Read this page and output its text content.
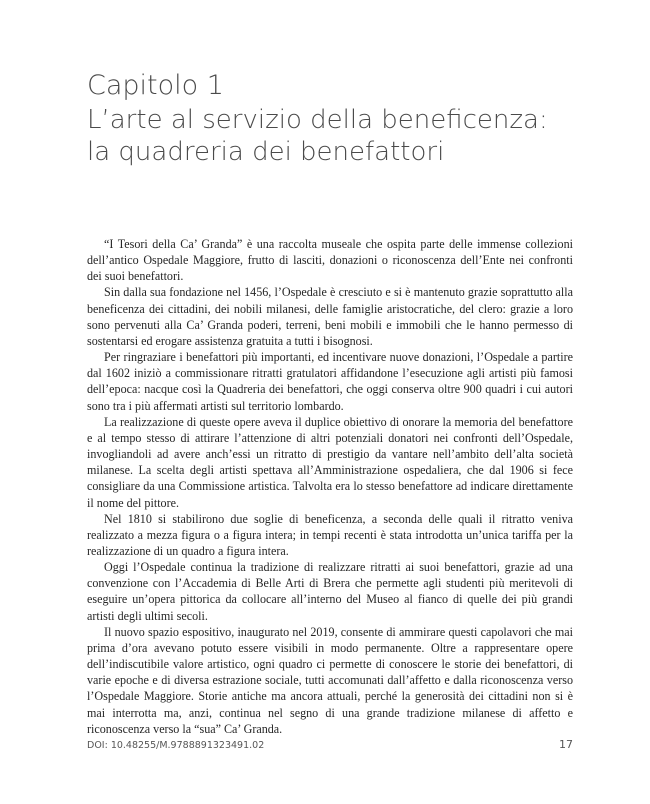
Capitolo 1
L’arte al servizio della beneficenza:
la quadreria dei benefattori

“I Tesori della Ca’ Granda” è una raccolta museale che ospita parte delle immense collezioni dell’antico Ospedale Maggiore, frutto di lasciti, donazioni o riconoscenza dell’Ente nei confronti dei suoi benefattori.

Sin dalla sua fondazione nel 1456, l’Ospedale è cresciuto e si è mantenuto grazie soprattutto alla beneficenza dei cittadini, dei nobili milanesi, delle famiglie aristocratiche, del clero: grazie a loro sono pervenuti alla Ca’ Granda poderi, terreni, beni mobili e immobili che le hanno permesso di sostentarsi ed erogare assistenza gratuita a tutti i bisognosi.

Per ringraziare i benefattori più importanti, ed incentivare nuove donazioni, l’Ospedale a partire dal 1602 iniziò a commissionare ritratti gratulatori affidandone l’esecuzione agli artisti più famosi dell’epoca: nacque così la Quadreria dei benefattori, che oggi conserva oltre 900 quadri i cui autori sono tra i più affermati artisti sul territorio lombardo.

La realizzazione di queste opere aveva il duplice obiettivo di onorare la memoria del benefattore e al tempo stesso di attirare l’attenzione di altri potenziali donatori nei confronti dell’Ospedale, invogliandoli ad avere anch’essi un ritratto di prestigio da vantare nell’ambito dell’alta società milanese. La scelta degli artisti spettava all’Amministrazione ospedaliera, che dal 1906 si fece consigliare da una Commissione artistica. Talvolta era lo stesso benefattore ad indicare direttamente il nome del pittore.

Nel 1810 si stabilirono due soglie di beneficenza, a seconda delle quali il ritratto veniva realizzato a mezza figura o a figura intera; in tempi recenti è stata introdotta un’unica tariffa per la realizzazione di un quadro a figura intera.

Oggi l’Ospedale continua la tradizione di realizzare ritratti ai suoi benefattori, grazie ad una convenzione con l’Accademia di Belle Arti di Brera che permette agli studenti più meritevoli di eseguire un’opera pittorica da collocare all’interno del Museo al fianco di quelle dei più grandi artisti degli ultimi secoli.

Il nuovo spazio espositivo, inaugurato nel 2019, consente di ammirare questi capolavori che mai prima d’ora avevano potuto essere visibili in modo permanente. Oltre a rappresentare opere dell’indiscutibile valore artistico, ogni quadro ci permette di conoscere le storie dei benefattori, di varie epoche e di diversa estrazione sociale, tutti accomunati dall’affetto e dalla riconoscenza verso l’Ospedale Maggiore. Storie antiche ma ancora attuali, perché la generosità dei cittadini non si è mai interrotta ma, anzi, continua nel segno di una grande tradizione milanese di affetto e riconoscenza verso la “sua” Ca’ Granda.

DOI: 10.48255/M.9788891323491.02	17
